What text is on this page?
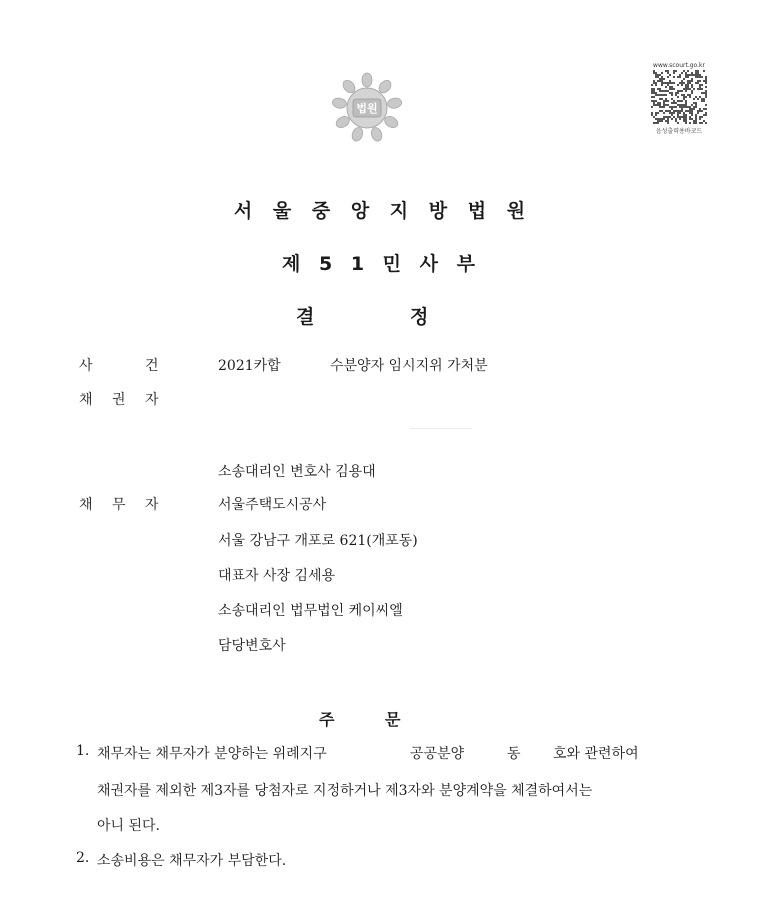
법원
www.scourt.go.kr
음성출력용바코드
서 울 중 앙 지 방 법 원
제 5 1 민 사 부
결	정
사	건	2021카합	수분양자 임시지위 가처분
채 권 자
소송대리인 변호사 김용대
채 무 자	서울주택도시공사
서울 강남구 개포로 621(개포동)
대표자 사장 김세용
소송대리인 법무법인 케이씨엘
담당변호사
주	문
1. 채무자는 채무자가 분양하는 위례지구	공공분양	동 호와 관련하여
채권자를 제외한 제3자를 당첨자로 지정하거나 제3자와 분양계약을 체결하여서는
아니 된다.
2. 소송비용은 채무자가 부담한다.
